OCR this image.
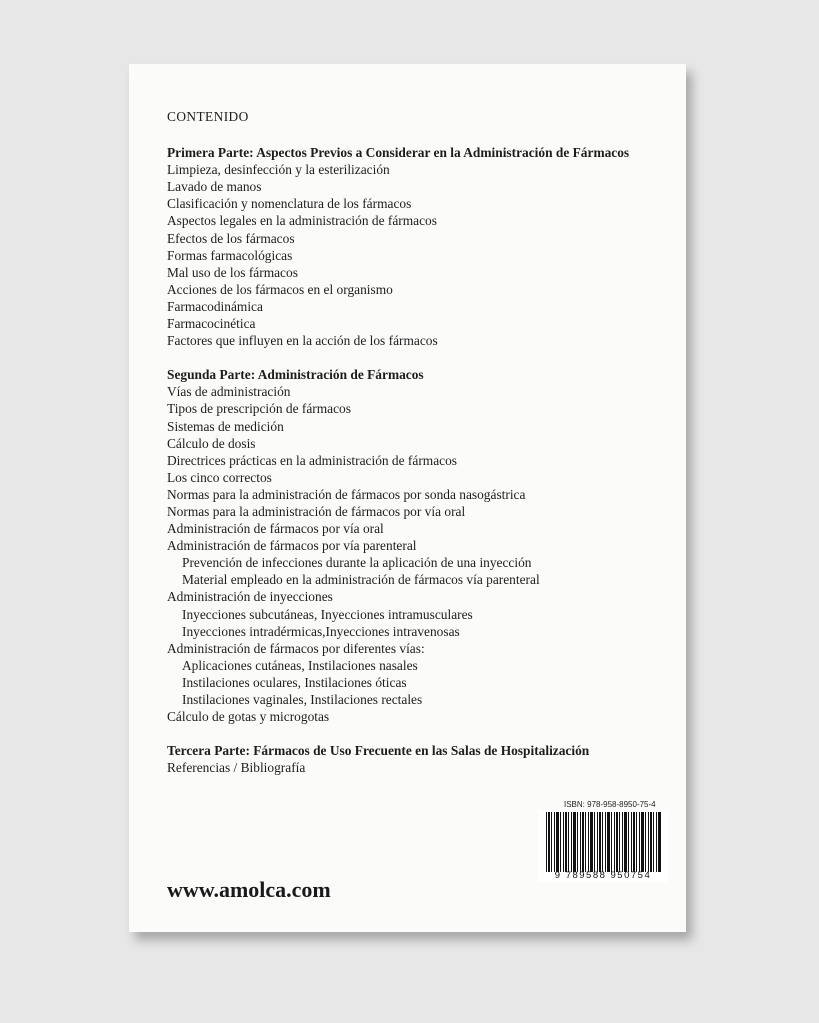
CONTENIDO
Primera Parte: Aspectos Previos a Considerar en la Administración de Fármacos
Limpieza, desinfección y la esterilización
Lavado de manos
Clasificación y nomenclatura de los fármacos
Aspectos legales en la administración de fármacos
Efectos de los fármacos
Formas farmacológicas
Mal uso de los fármacos
Acciones de los fármacos en el organismo
Farmacodinámica
Farmacocinética
Factores que influyen en la acción de los fármacos
Segunda Parte: Administración de Fármacos
Vías de administración
Tipos de prescripción de fármacos
Sistemas de medición
Cálculo de dosis
Directrices prácticas en la administración de fármacos
Los cinco correctos
Normas para la administración de fármacos por sonda nasogástrica
Normas para la administración de fármacos por vía oral
Administración de fármacos por vía oral
Administración de fármacos por vía parenteral
Prevención de infecciones durante la aplicación de una inyección
Material empleado en la administración de fármacos vía parenteral
Administración de inyecciones
Inyecciones subcutáneas, Inyecciones intramusculares
Inyecciones intradérmicas,Inyecciones intravenosas
Administración de fármacos por diferentes vías:
Aplicaciones cutáneas, Instilaciones nasales
Instilaciones oculares, Instilaciones óticas
Instilaciones vaginales, Instilaciones rectales
Cálculo de gotas y microgotas
Tercera Parte: Fármacos de Uso Frecuente en las Salas de Hospitalización
Referencias / Bibliografía
ISBN: 978-958-8950-75-4
9 789588 950754
www.amolca.com
